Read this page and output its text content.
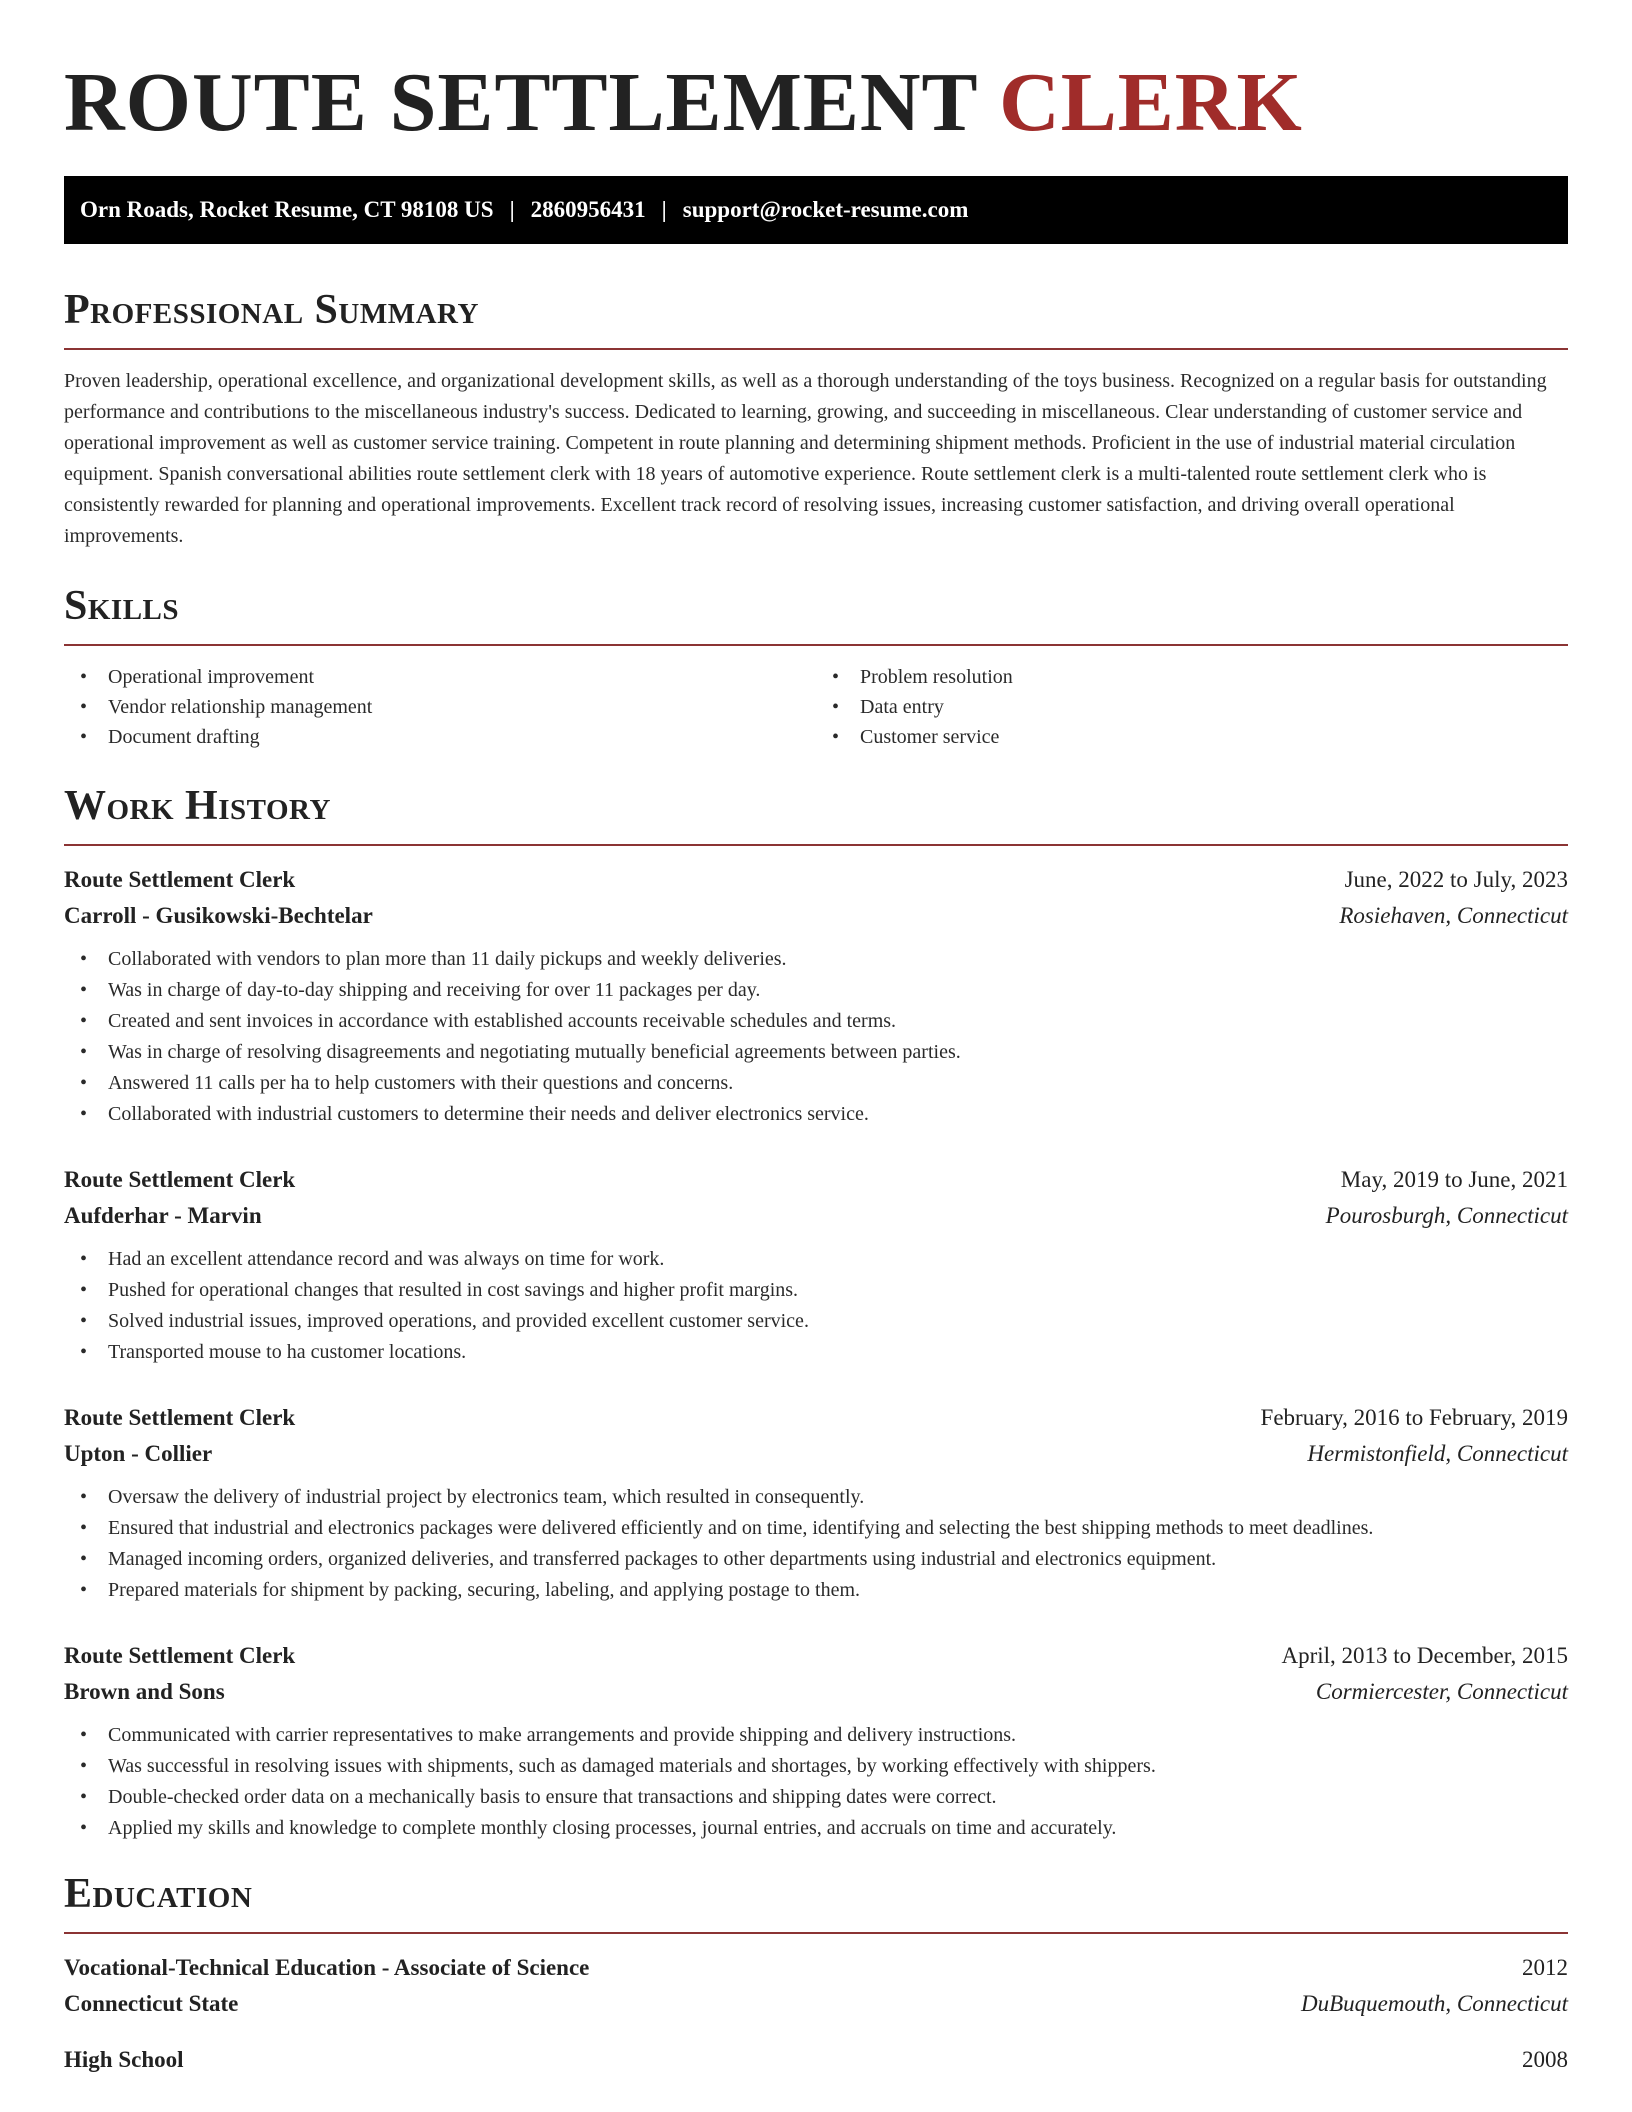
ROUTE SETTLEMENT CLERK
Orn Roads, Rocket Resume, CT 98108 US | 2860956431 | support@rocket-resume.com
Professional Summary

Proven leadership, operational excellence, and organizational development skills, as well as a thorough understanding of the toys business. Recognized on a regular basis for outstanding performance and contributions to the miscellaneous industry's success. Dedicated to learning, growing, and succeeding in miscellaneous. Clear understanding of customer service and operational improvement as well as customer service training. Competent in route planning and determining shipment methods. Proficient in the use of industrial material circulation equipment. Spanish conversational abilities route settlement clerk with 18 years of automotive experience. Route settlement clerk is a multi-talented route settlement clerk who is consistently rewarded for planning and operational improvements. Excellent track record of resolving issues, increasing customer satisfaction, and driving overall operational improvements.

Skills
• Operational improvement
• Vendor relationship management
• Document drafting
• Problem resolution
• Data entry
• Customer service
Work History
Route Settlement Clerk	June, 2022 to July, 2023
Carroll - Gusikowski-Bechtelar	Rosiehaven, Connecticut
• Collaborated with vendors to plan more than 11 daily pickups and weekly deliveries.
• Was in charge of day-to-day shipping and receiving for over 11 packages per day.
• Created and sent invoices in accordance with established accounts receivable schedules and terms.
• Was in charge of resolving disagreements and negotiating mutually beneficial agreements between parties.
• Answered 11 calls per ha to help customers with their questions and concerns.
• Collaborated with industrial customers to determine their needs and deliver electronics service.
Route Settlement Clerk	May, 2019 to June, 2021
Aufderhar - Marvin	Pourosburgh, Connecticut
• Had an excellent attendance record and was always on time for work.
• Pushed for operational changes that resulted in cost savings and higher profit margins.
• Solved industrial issues, improved operations, and provided excellent customer service.
• Transported mouse to ha customer locations.
Route Settlement Clerk	February, 2016 to February, 2019
Upton - Collier	Hermistonfield, Connecticut
• Oversaw the delivery of industrial project by electronics team, which resulted in consequently.
• Ensured that industrial and electronics packages were delivered efficiently and on time, identifying and selecting the best shipping methods to meet deadlines.
• Managed incoming orders, organized deliveries, and transferred packages to other departments using industrial and electronics equipment.
• Prepared materials for shipment by packing, securing, labeling, and applying postage to them.
Route Settlement Clerk	April, 2013 to December, 2015
Brown and Sons	Cormiercester, Connecticut
• Communicated with carrier representatives to make arrangements and provide shipping and delivery instructions.
• Was successful in resolving issues with shipments, such as damaged materials and shortages, by working effectively with shippers.
• Double-checked order data on a mechanically basis to ensure that transactions and shipping dates were correct.
• Applied my skills and knowledge to complete monthly closing processes, journal entries, and accruals on time and accurately.
Education
Vocational-Technical Education - Associate of Science	2012
Connecticut State	DuBuquemouth, Connecticut
High School	2008
